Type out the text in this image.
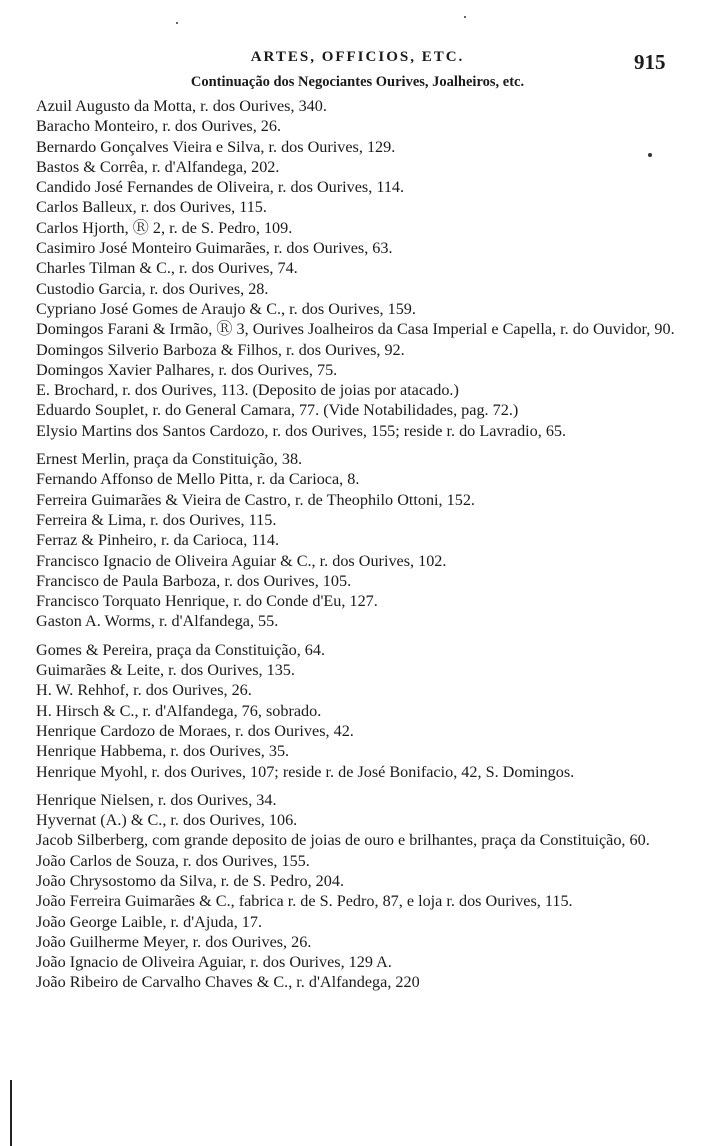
ARTES, OFFICIOS, ETC.	915
Continuação dos Negociantes Ourives, Joalheiros, etc.

Azuil Augusto da Motta, r. dos Ourives, 340.

Baracho Monteiro, r. dos Ourives, 26.

Bernardo Gonçalves Vieira e Silva, r. dos Ourives, 129.

Bastos & Corrêa, r. d'Alfandega, 202.

Candido José Fernandes de Oliveira, r. dos Ourives, 114.

Carlos Balleux, r. dos Ourives, 115.

Carlos Hjorth, Ⓡ 2, r. de S. Pedro, 109.

Casimiro José Monteiro Guimarães, r. dos Ourives, 63.

Charles Tilman & C., r. dos Ourives, 74.

Custodio Garcia, r. dos Ourives, 28.

Cypriano José Gomes de Araujo & C., r. dos Ourives, 159.

Domingos Farani & Irmão, Ⓡ 3, Ourives Joalheiros da Casa Imperial e Capella, r. do Ouvidor, 90.

Domingos Silverio Barboza & Filhos, r. dos Ourives, 92.

Domingos Xavier Palhares, r. dos Ourives, 75.

E. Brochard, r. dos Ourives, 113. (Deposito de joias por atacado.)

Eduardo Souplet, r. do General Camara, 77. (Vide Notabilidades, pag. 72.)

Elysio Martins dos Santos Cardozo, r. dos Ourives, 155; reside r. do Lavradio, 65.

Ernest Merlin, praça da Constituição, 38.

Fernando Affonso de Mello Pitta, r. da Carioca, 8.

Ferreira Guimarães & Vieira de Castro, r. de Theophilo Ottoni, 152.

Ferreira & Lima, r. dos Ourives, 115.

Ferraz & Pinheiro, r. da Carioca, 114.

Francisco Ignacio de Oliveira Aguiar & C., r. dos Ourives, 102.

Francisco de Paula Barboza, r. dos Ourives, 105.

Francisco Torquato Henrique, r. do Conde d'Eu, 127.

Gaston A. Worms, r. d'Alfandega, 55.

Gomes & Pereira, praça da Constituição, 64.

Guimarães & Leite, r. dos Ourives, 135.

H. W. Rehhof, r. dos Ourives, 26.

H. Hirsch & C., r. d'Alfandega, 76, sobrado.

Henrique Cardozo de Moraes, r. dos Ourives, 42.

Henrique Habbema, r. dos Ourives, 35.

Henrique Myohl, r. dos Ourives, 107; reside r. de José Bonifacio, 42, S. Domingos.

Henrique Nielsen, r. dos Ourives, 34.

Hyvernat (A.) & C., r. dos Ourives, 106.

Jacob Silberberg, com grande deposito de joias de ouro e brilhantes, praça da Constituição, 60.

João Carlos de Souza, r. dos Ourives, 155.

João Chrysostomo da Silva, r. de S. Pedro, 204.

João Ferreira Guimarães & C., fabrica r. de S. Pedro, 87, e loja r. dos Ourives, 115.

João George Laible, r. d'Ajuda, 17.

João Guilherme Meyer, r. dos Ourives, 26.

João Ignacio de Oliveira Aguiar, r. dos Ourives, 129 A.

João Ribeiro de Carvalho Chaves & C., r. d'Alfandega, 220
